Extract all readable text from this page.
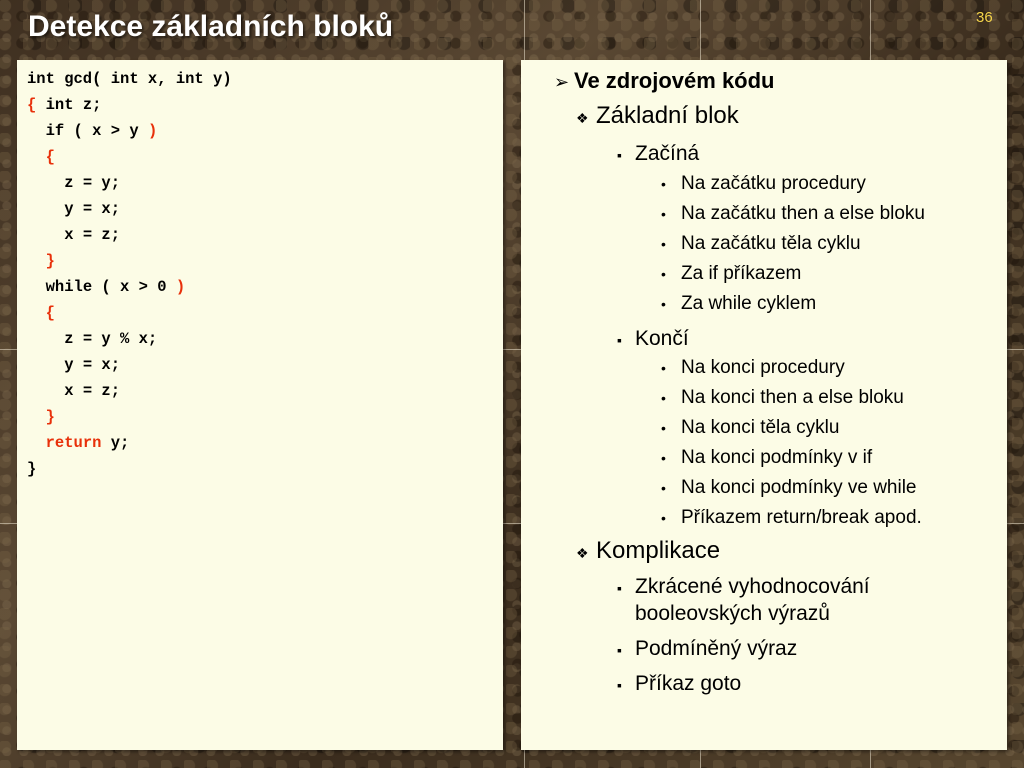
Detekce základních bloků	36
int gcd( int x, int y)
{ int z;
if ( x > y )
{
z = y;
y = x;
x = z;
}
while ( x > 0 )
{
z = y % x;
y = x;
x = z;
}
return y;
}
➢ Ve zdrojovém kódu
❖ Základní blok
▪ Začíná
• Na začátku procedury
• Na začátku then a else bloku
• Na začátku těla cyklu
• Za if příkazem
• Za while cyklem
▪ Končí
• Na konci procedury
• Na konci then a else bloku
• Na konci těla cyklu
• Na konci podmínky v if
• Na konci podmínky ve while
• Příkazem return/break apod.
❖ Komplikace
▪ Zkrácené vyhodnocování
booleovských výrazů
▪ Podmíněný výraz
▪ Příkaz goto
